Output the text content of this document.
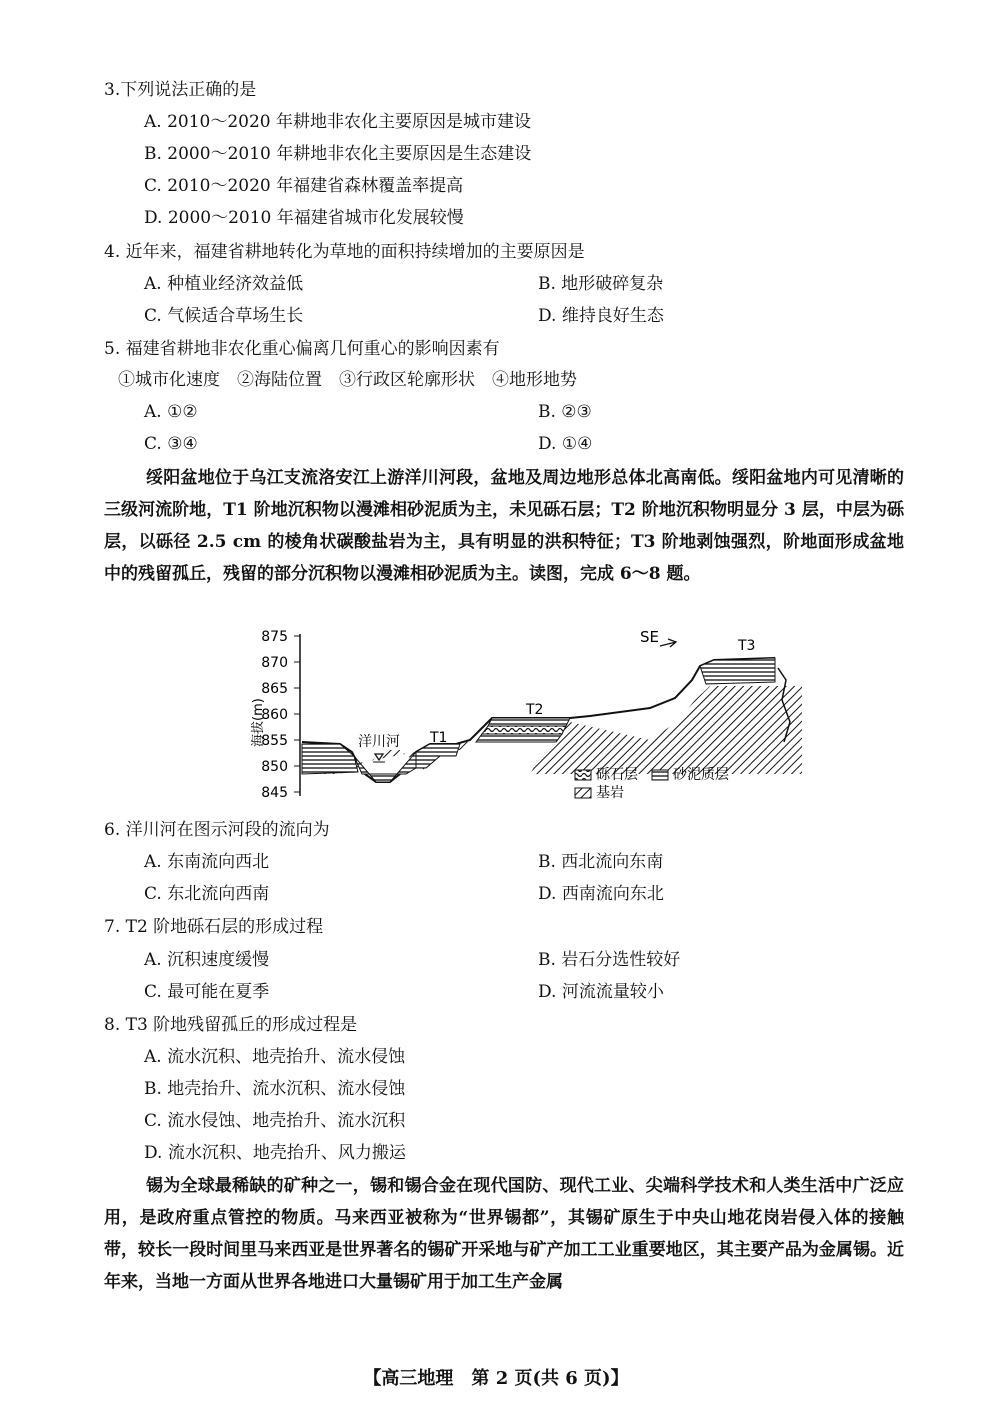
3.下列说法正确的是
A. 2010～2020 年耕地非农化主要原因是城市建设
B. 2000～2010 年耕地非农化主要原因是生态建设
C. 2010～2020 年福建省森林覆盖率提高
D. 2000～2010 年福建省城市化发展较慢
4. 近年来，福建省耕地转化为草地的面积持续增加的主要原因是
A. 种植业经济效益低	B. 地形破碎复杂
C. 气候适合草场生长	D. 维持良好生态
5. 福建省耕地非农化重心偏离几何重心的影响因素有
①城市化速度　②海陆位置　③行政区轮廓形状　④地形地势
A. ①②	B. ②③
C. ③④	D. ①④
绥阳盆地位于乌江支流洛安江上游洋川河段，盆地及周边地形总体北高南低。绥阳盆地内可见清晰的三级河流阶地，T1 阶地沉积物以漫滩相砂泥质为主，未见砾石层；T2 阶地沉积物明显分 3 层，中层为砾层，以砾径 2.5 cm 的棱角状碳酸盐岩为主，具有明显的洪积特征；T3 阶地剥蚀强烈，阶地面形成盆地中的残留孤丘，残留的部分沉积物以漫滩相砂泥质为主。读图，完成 6～8 题。
875
870
865
860
855
850
845
海拔(m)	洋川河 T1
T2
T3
SE
砾石层	砂泥质层
基岩
6. 洋川河在图示河段的流向为
A. 东南流向西北	B. 西北流向东南
C. 东北流向西南	D. 西南流向东北
7. T2 阶地砾石层的形成过程
A. 沉积速度缓慢	B. 岩石分选性较好
C. 最可能在夏季	D. 河流流量较小
8. T3 阶地残留孤丘的形成过程是
A. 流水沉积、地壳抬升、流水侵蚀
B. 地壳抬升、流水沉积、流水侵蚀
C. 流水侵蚀、地壳抬升、流水沉积
D. 流水沉积、地壳抬升、风力搬运
锡为全球最稀缺的矿种之一，锡和锡合金在现代国防、现代工业、尖端科学技术和人类生活中广泛应用，是政府重点管控的物质。马来西亚被称为“世界锡都”，其锡矿原生于中央山地花岗岩侵入体的接触带，较长一段时间里马来西亚是世界著名的锡矿开采地与矿产加工工业重要地区，其主要产品为金属锡。近年来，当地一方面从世界各地进口大量锡矿用于加工生产金属
【高三地理　第 2 页(共 6 页)】
